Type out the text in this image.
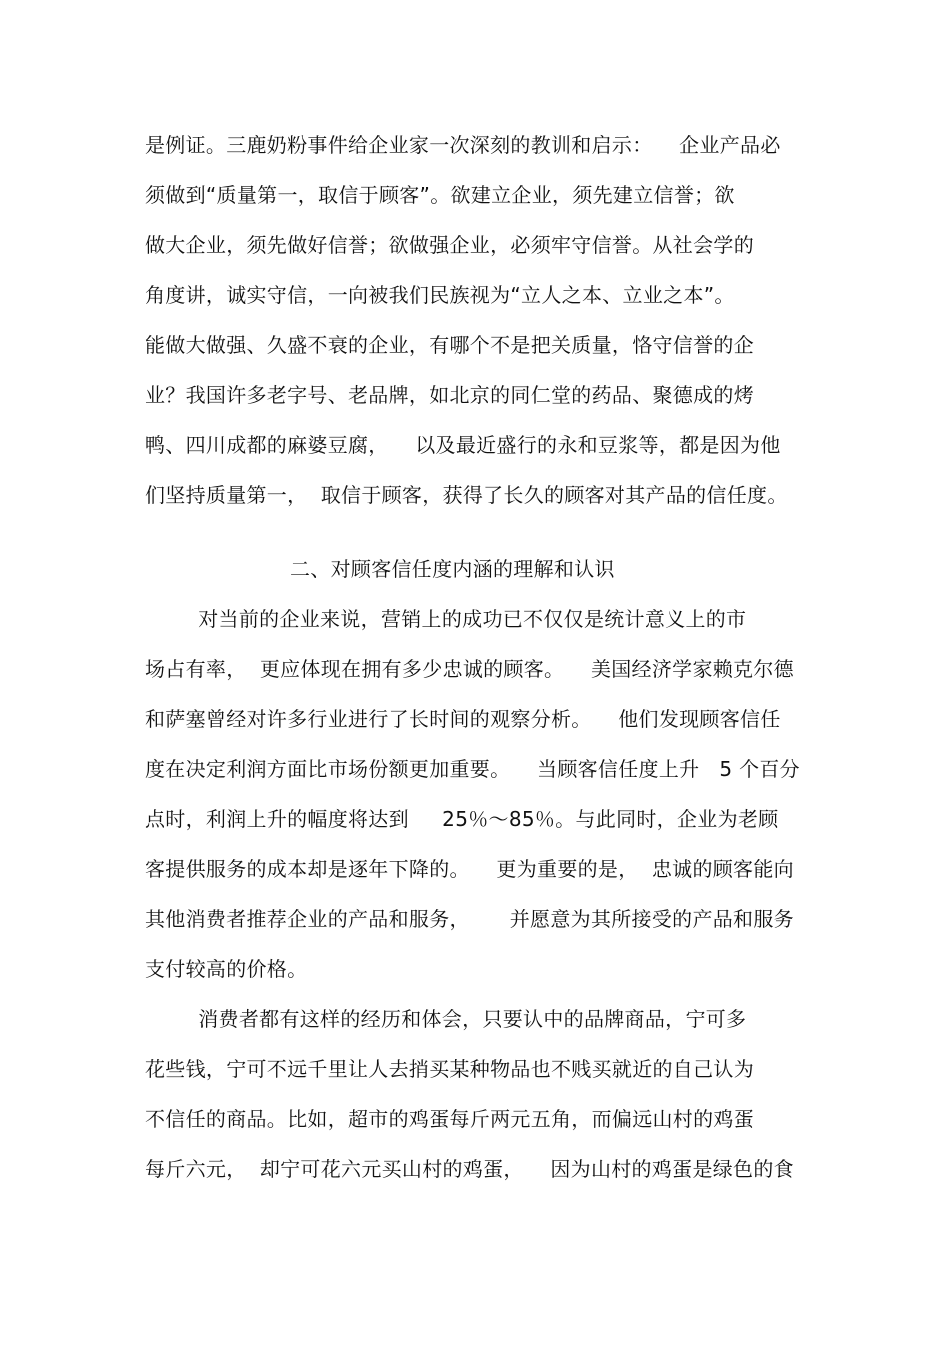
是例证。三鹿奶粉事件给企业家一次深刻的教训和启示：    企业产品必
须做到“质量第一，取信于顾客”。欲建立企业，须先建立信誉；欲
做大企业，须先做好信誉；欲做强企业，必须牢守信誉。从社会学的
角度讲，诚实守信，一向被我们民族视为“立人之本、立业之本”。
能做大做强、久盛不衰的企业，有哪个不是把关质量，恪守信誉的企
业？我国许多老字号、老品牌，如北京的同仁堂的药品、聚德成的烤
鸭、四川成都的麻婆豆腐，    以及最近盛行的永和豆浆等，都是因为他
们坚持质量第一，  取信于顾客，获得了长久的顾客对其产品的信任度。
二、对顾客信任度内涵的理解和认识
对当前的企业来说，营销上的成功已不仅仅是统计意义上的市
场占有率，  更应体现在拥有多少忠诚的顾客。    美国经济学家赖克尔德
和萨塞曾经对许多行业进行了长时间的观察分析。    他们发现顾客信任
度在决定利润方面比市场份额更加重要。    当顾客信任度上升   5 个百分
点时，利润上升的幅度将达到     25％～85％。与此同时，企业为老顾
客提供服务的成本却是逐年下降的。    更为重要的是，  忠诚的顾客能向
其他消费者推荐企业的产品和服务，      并愿意为其所接受的产品和服务
支付较高的价格。
消费者都有这样的经历和体会，只要认中的品牌商品，宁可多
花些钱，宁可不远千里让人去捎买某种物品也不贱买就近的自己认为
不信任的商品。比如，超市的鸡蛋每斤两元五角，而偏远山村的鸡蛋
每斤六元，  却宁可花六元买山村的鸡蛋，    因为山村的鸡蛋是绿色的食
